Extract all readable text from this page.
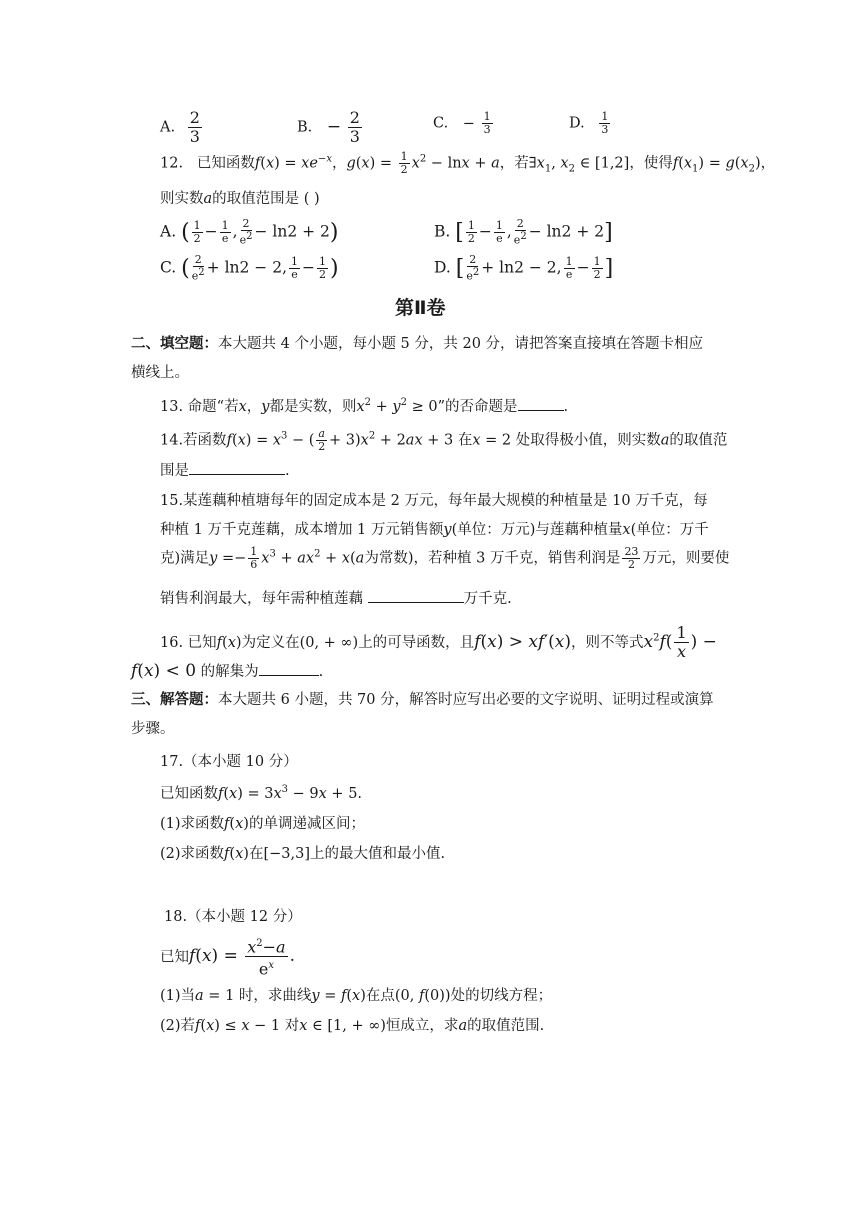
A. $\frac{2}{3}$	B. − $\frac{2}{3}$	C. − $\frac{1}{3}$	D. $\frac{1}{3}$
12. 已知函数$f(x) = xe^{-x}$，$g(x) = \frac{1}{2} x^2 - \ln x + a$，若$\exists x_1$, $x_2$ ∈ [1,2]，使得$f(x_1) = g(x_2)$，
则实数a的取值范围是 ( )
A. ( $\frac{1}{2} - \frac{1}{e}$ , $\frac{2}{e^2} - \ln 2 + 2$)	B. [ $\frac{1}{2} - \frac{1}{e}$ , $\frac{2}{e^2} - \ln 2 + 2$]
C. ( $\frac{2}{e^2} + \ln 2 - 2$, $\frac{1}{e} - \frac{1}{2}$ )	D. [ $\frac{2}{e^2} + \ln 2 - 2$, $\frac{1}{e} - \frac{1}{2}$ ]
第Ⅱ卷
二、填空题：本大题共 4 个小题，每小题 5 分，共 20 分，请把答案直接填在答题卡相应
横线上。
13. 命题“若x，y都是实数，则$x^2 + y^2 \ge 0$”的否命题是	.
14.若函数$f(x) = x^3$ − ( $\frac{a}{2} + 3)x^2 + 2ax + 3$ 在x = 2 处取得极小值，则实数a的取值范
围是	.
15.某莲藕种植塘每年的固定成本是 2 万元，每年最大规模的种植量是 10 万千克，每
种植 1 万千克莲藕，成本增加 1 万元销售额y(单位：万元)与莲藕种植量x(单位：万千
克)满足$y =- \frac{1}{6} x^3 + ax^2 + x(a$为常数)，若种植 3 万千克，销售利润是 $\frac{23}{2}$ 万元，则要使
销售利润最大，每年需种植莲藕	万千克.
16. 已知f(x)为定义在(0, + ∞)上的可导函数，且f(x) > xf′(x)，则不等式$x^2f( \frac{1}{x}$ ) −
f(x) < 0 的解集为	.
三、解答题：本大题共 6 小题，共 70 分，解答时应写出必要的文字说明、证明过程或演算
步骤。
17.（本小题 10 分）
已知函数$f(x) = 3x^3 - 9x + 5$.
(1)求函数f(x)的单调递减区间；
(2)求函数f(x)在[−3,3]上的最大值和最小值.
18.（本小题 12 分）
已知$f(x) = \frac{x^2-a}{e^x}$ .
(1)当a = 1 时，求曲线y = f(x)在点(0, f(0))处的切线方程；
(2)若f(x) ≤ x − 1 对x ∈ [1, + ∞)恒成立，求a的取值范围.
